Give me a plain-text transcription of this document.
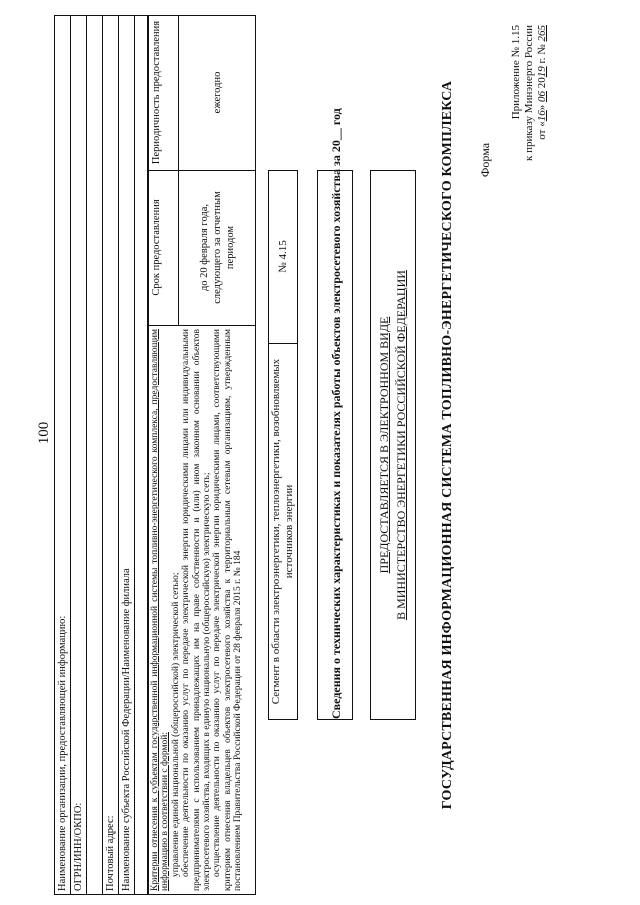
100
Приложение № 1.15 к приказу Минэнерго России от «16» 06 2019 г. № 265
Форма
ГОСУДАРСТВЕННАЯ ИНФОРМАЦИОННАЯ СИСТЕМА ТОПЛИВНО-ЭНЕРГЕТИЧЕСКОГО КОМПЛЕКСА
ПРЕДОСТАВЛЯЕТСЯ В ЭЛЕКТРОННОМ ВИДЕ В МИНИСТЕРСТВО ЭНЕРГЕТИКИ РОССИЙСКОЙ ФЕДЕРАЦИИ
Сведения о технических характеристиках и показателях работы объектов электросетевого хозяйства за 20__ год
Сегмент в области электроэнергетики, теплоэнергетики, возобновляемых источников энергии
№ 4.15

Критерии отнесения к субъектам государственной информационной системы топливно-энергетического комплекса, предоставляющим информацию в соответствии с формой: управление единой национальной (общероссийской) электрической сетью; обеспечение деятельности по оказанию услуг по передаче электрической энергии юридическими лицами или индивидуальными предпринимателями с использованием принадлежащих им на праве собственности и (или) ином законном основании объектов электросетевого хозяйства, входящих в единую национальную (общероссийскую) электрическую сеть; осуществление деятельности по оказанию услуг по передаче электрической энергии юридическими лицами, соответствующими критериям отнесения владельцев объектов электросетевого хозяйства к территориальным сетевым организациям, утвержденным постановлением Правительства Российской Федерации от 28 февраля 2015 г. № 184

Срок предоставления	до 20 февраля года, следующего за отчетным периодом
Периодичность предоставления	ежегодно
Наименование организации, предоставляющей информацию: ОГРН/ИНН/ОКПО: Почтовый адрес: Наименование субъекта Российской Федерации/Наименование филиала
